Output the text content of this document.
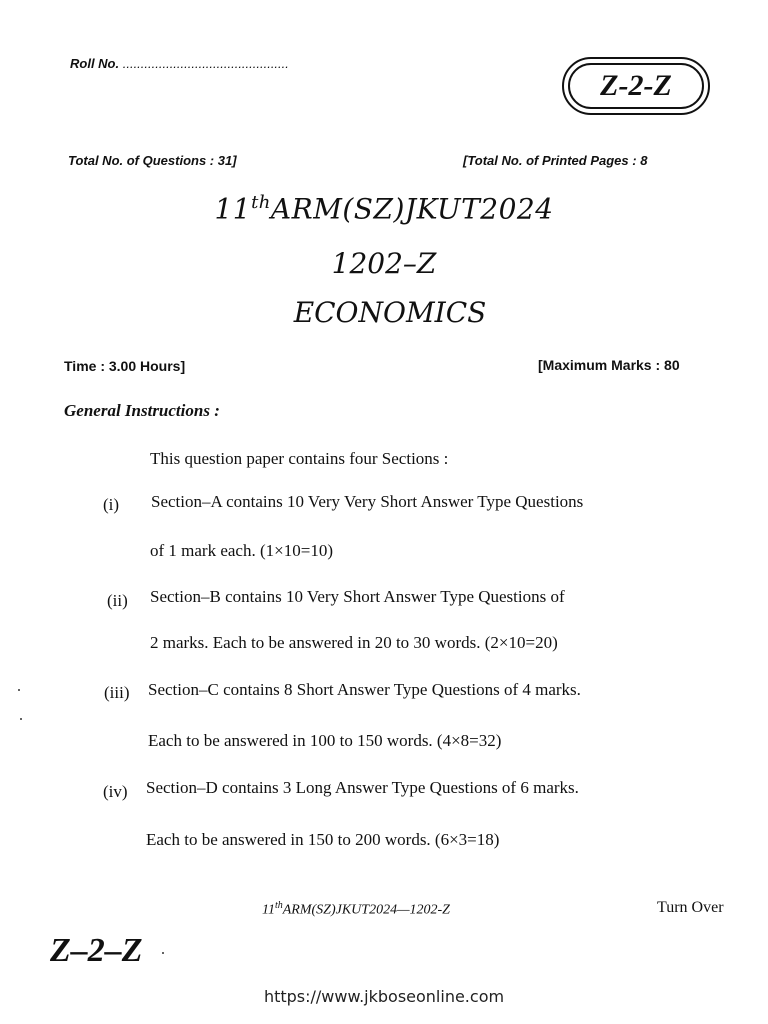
Roll No. ..............................................
Z-2-Z
Total No. of Questions : 31]	[Total No. of Printed Pages : 8
11thARM(SZ)JKUT2024
1202–Z
ECONOMICS
Time : 3.00 Hours]	[Maximum Marks : 80
General Instructions :
This question paper contains four Sections :
(i) Section–A contains 10 Very Very Short Answer Type Questions
of 1 mark each. (1×10=10)
(ii) Section–B contains 10 Very Short Answer Type Questions of
2 marks. Each to be answered in 20 to 30 words. (2×10=20)
(iii) Section–C contains 8 Short Answer Type Questions of 4 marks.
Each to be answered in 100 to 150 words. (4×8=32)
(iv) Section–D contains 3 Long Answer Type Questions of 6 marks.
Each to be answered in 150 to 200 words. (6×3=18)
11thARM(SZ)JKUT2024—1202-Z	Turn Over
Z–2–Z
https://www.jkboseonline.com
